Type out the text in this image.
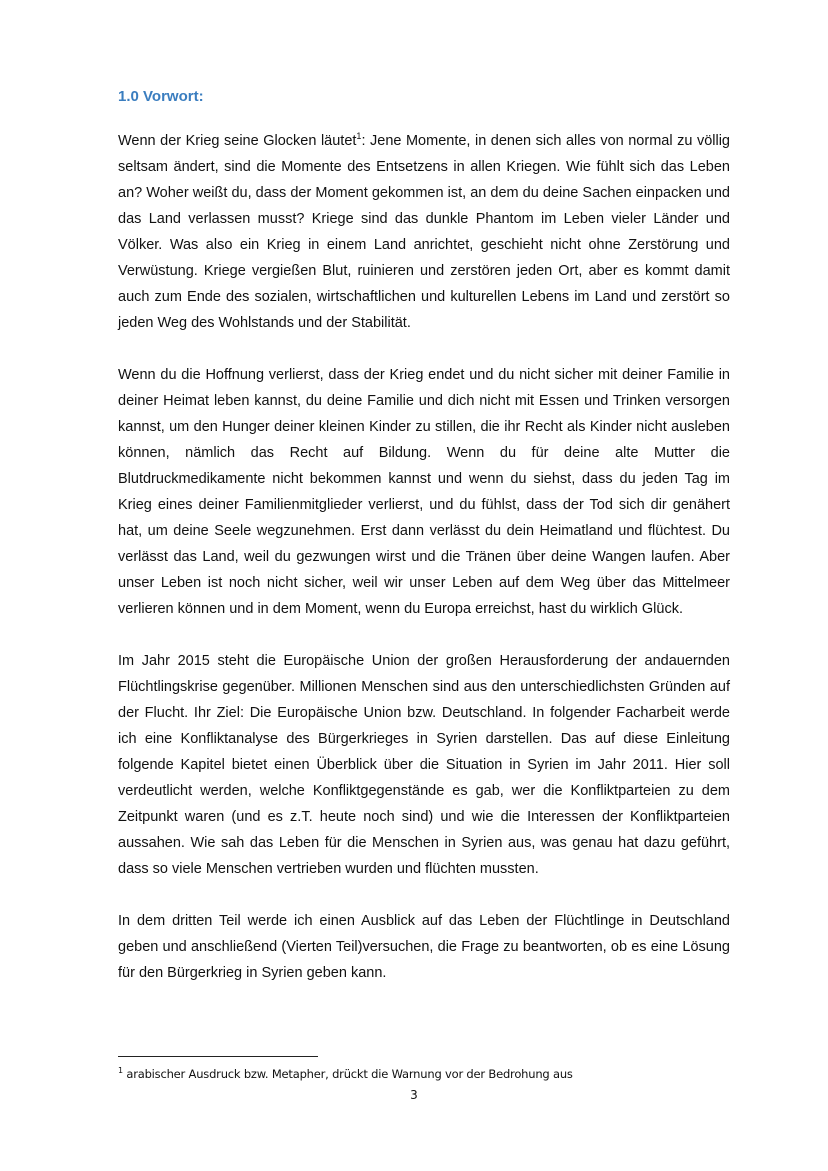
1.0 Vorwort:

Wenn der Krieg seine Glocken läutet$^1$: Jene Momente, in denen sich alles von normal zu völlig seltsam ändert, sind die Momente des Entsetzens in allen Kriegen. Wie fühlt sich das Leben an? Woher weißt du, dass der Moment gekommen ist, an dem du deine Sachen einpacken und das Land verlassen musst? Kriege sind das dunkle Phantom im Leben vieler Länder und Völker. Was also ein Krieg in einem Land anrichtet, geschieht nicht ohne Zerstörung und Verwüstung. Kriege vergießen Blut, ruinieren und zerstören jeden Ort, aber es kommt damit auch zum Ende des sozialen, wirtschaftlichen und kulturellen Lebens im Land und zerstört so jeden Weg des Wohlstands und der Stabilität.

Wenn du die Hoffnung verlierst, dass der Krieg endet und du nicht sicher mit deiner Familie in deiner Heimat leben kannst, du deine Familie und dich nicht mit Essen und Trinken versorgen kannst, um den Hunger deiner kleinen Kinder zu stillen, die ihr Recht als Kinder nicht ausleben können, nämlich das Recht auf Bildung. Wenn du für deine alte Mutter die Blutdruckmedikamente nicht bekommen kannst und wenn du siehst, dass du jeden Tag im Krieg eines deiner Familienmitglieder verlierst, und du fühlst, dass der Tod sich dir genähert hat, um deine Seele wegzunehmen. Erst dann verlässt du dein Heimatland und flüchtest. Du verlässt das Land, weil du gezwungen wirst und die Tränen über deine Wangen laufen. Aber unser Leben ist noch nicht sicher, weil wir unser Leben auf dem Weg über das Mittelmeer verlieren können und in dem Moment, wenn du Europa erreichst, hast du wirklich Glück.

Im Jahr 2015 steht die Europäische Union der großen Herausforderung der andauernden Flüchtlingskrise gegenüber. Millionen Menschen sind aus den unterschiedlichsten Gründen auf der Flucht. Ihr Ziel: Die Europäische Union bzw. Deutschland. In folgender Facharbeit werde ich eine Konfliktanalyse des Bürgerkrieges in Syrien darstellen. Das auf diese Einleitung folgende Kapitel bietet einen Überblick über die Situation in Syrien im Jahr 2011. Hier soll verdeutlicht werden, welche Konfliktgegenstände es gab, wer die Konfliktparteien zu dem Zeitpunkt waren (und es z.T. heute noch sind) und wie die Interessen der Konfliktparteien aussahen. Wie sah das Leben für die Menschen in Syrien aus, was genau hat dazu geführt, dass so viele Menschen vertrieben wurden und flüchten mussten.

In dem dritten Teil werde ich einen Ausblick auf das Leben der Flüchtlinge in Deutschland geben und anschließend (Vierten Teil)versuchen, die Frage zu beantworten, ob es eine Lösung für den Bürgerkrieg in Syrien geben kann.

$^1$ arabischer Ausdruck bzw. Metapher, drückt die Warnung vor der Bedrohung aus
3
